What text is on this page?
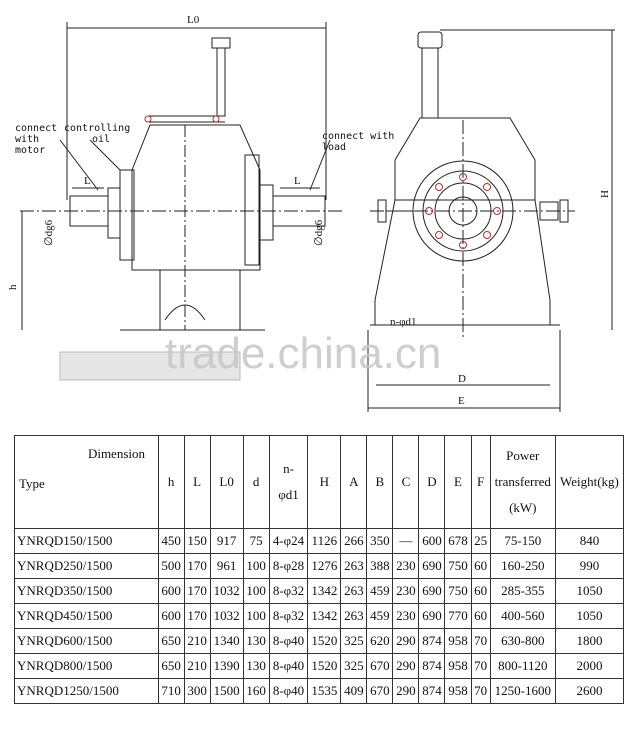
L0
L	L
∅dg6	∅dg6
h
connect with motor
controlling oil	connect with load
H
n-φd1
D
E
trade.china.cn
Dimension
Type	h	L	L0	d	n-
φd1	H	A	B	C	D	E	F	Power
transferred
(kW)	Weight(kg)
YNRQD150/1500	450	150	917	75	4-φ24	1126	266	350	—	600	678	25	75-150	840
YNRQD250/1500	500	170	961	100	8-φ28	1276	263	388	230	690	750	60	160-250	990
YNRQD350/1500	600	170	1032	100	8-φ32	1342	263	459	230	690	750	60	285-355	1050
YNRQD450/1500	600	170	1032	100	8-φ32	1342	263	459	230	690	770	60	400-560	1050
YNRQD600/1500	650	210	1340	130	8-φ40	1520	325	620	290	874	958	70	630-800	1800
YNRQD800/1500	650	210	1390	130	8-φ40	1520	325	670	290	874	958	70	800-1120	2000
YNRQD1250/1500	710	300	1500	160	8-φ40	1535	409	670	290	874	958	70	1250-1600	2600
